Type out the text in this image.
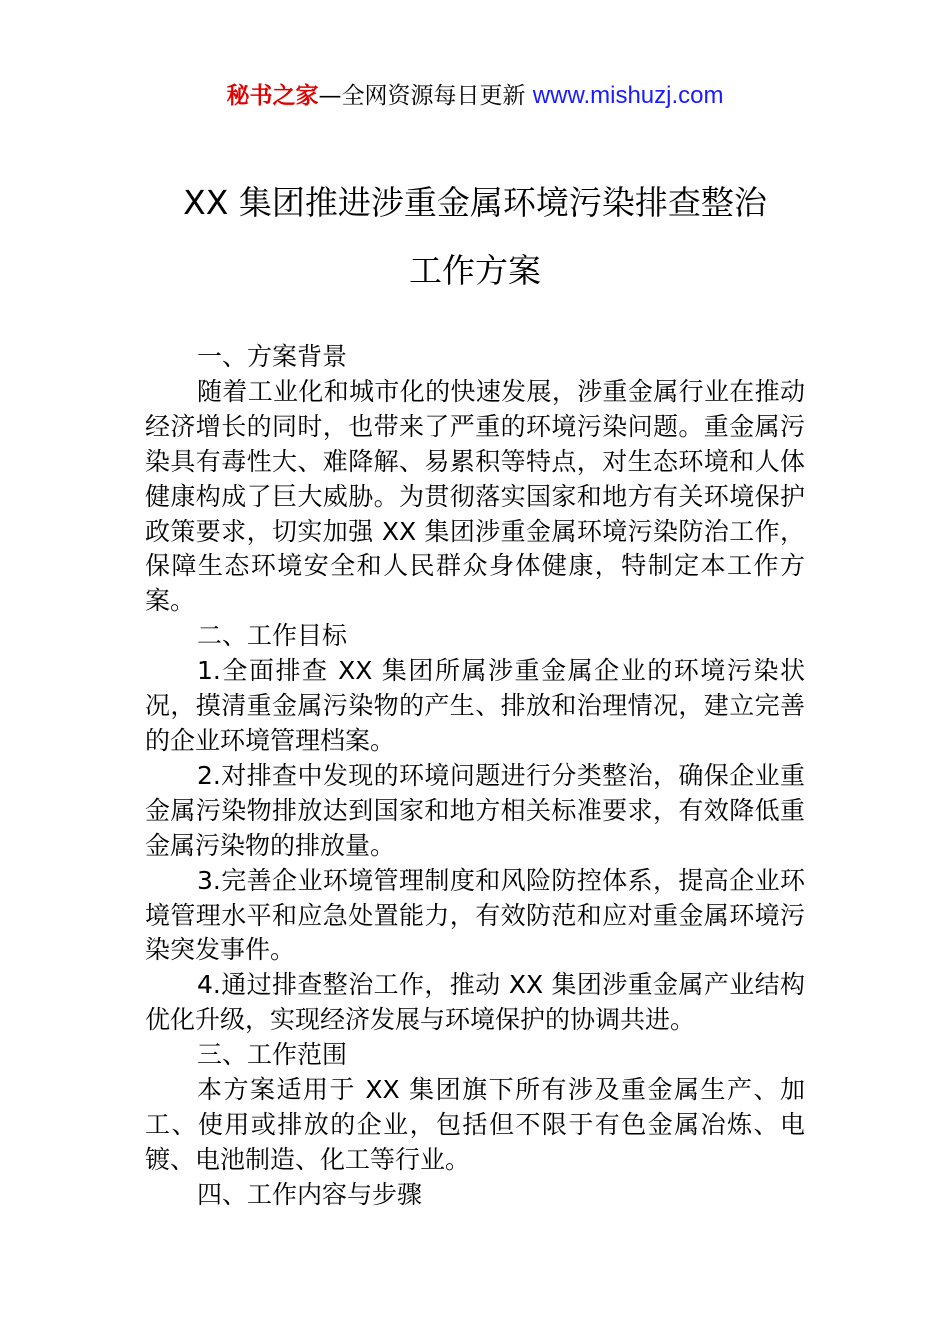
秘书之家—全网资源每日更新 www.mishuzj.com
XX 集团推进涉重金属环境污染排查整治
工作方案

一、方案背景

随着工业化和城市化的快速发展，涉重金属行业在推动经济增长的同时，也带来了严重的环境污染问题。重金属污染具有毒性大、难降解、易累积等特点，对生态环境和人体健康构成了巨大威胁。为贯彻落实国家和地方有关环境保护政策要求，切实加强 XX 集团涉重金属环境污染防治工作，保障生态环境安全和人民群众身体健康，特制定本工作方案。

二、工作目标

1.全面排查 XX 集团所属涉重金属企业的环境污染状况，摸清重金属污染物的产生、排放和治理情况，建立完善的企业环境管理档案。

2.对排查中发现的环境问题进行分类整治，确保企业重金属污染物排放达到国家和地方相关标准要求，有效降低重金属污染物的排放量。

3.完善企业环境管理制度和风险防控体系，提高企业环境管理水平和应急处置能力，有效防范和应对重金属环境污染突发事件。

4.通过排查整治工作，推动 XX 集团涉重金属产业结构优化升级，实现经济发展与环境保护的协调共进。

三、工作范围

本方案适用于 XX 集团旗下所有涉及重金属生产、加工、使用或排放的企业，包括但不限于有色金属冶炼、电镀、电池制造、化工等行业。

四、工作内容与步骤
